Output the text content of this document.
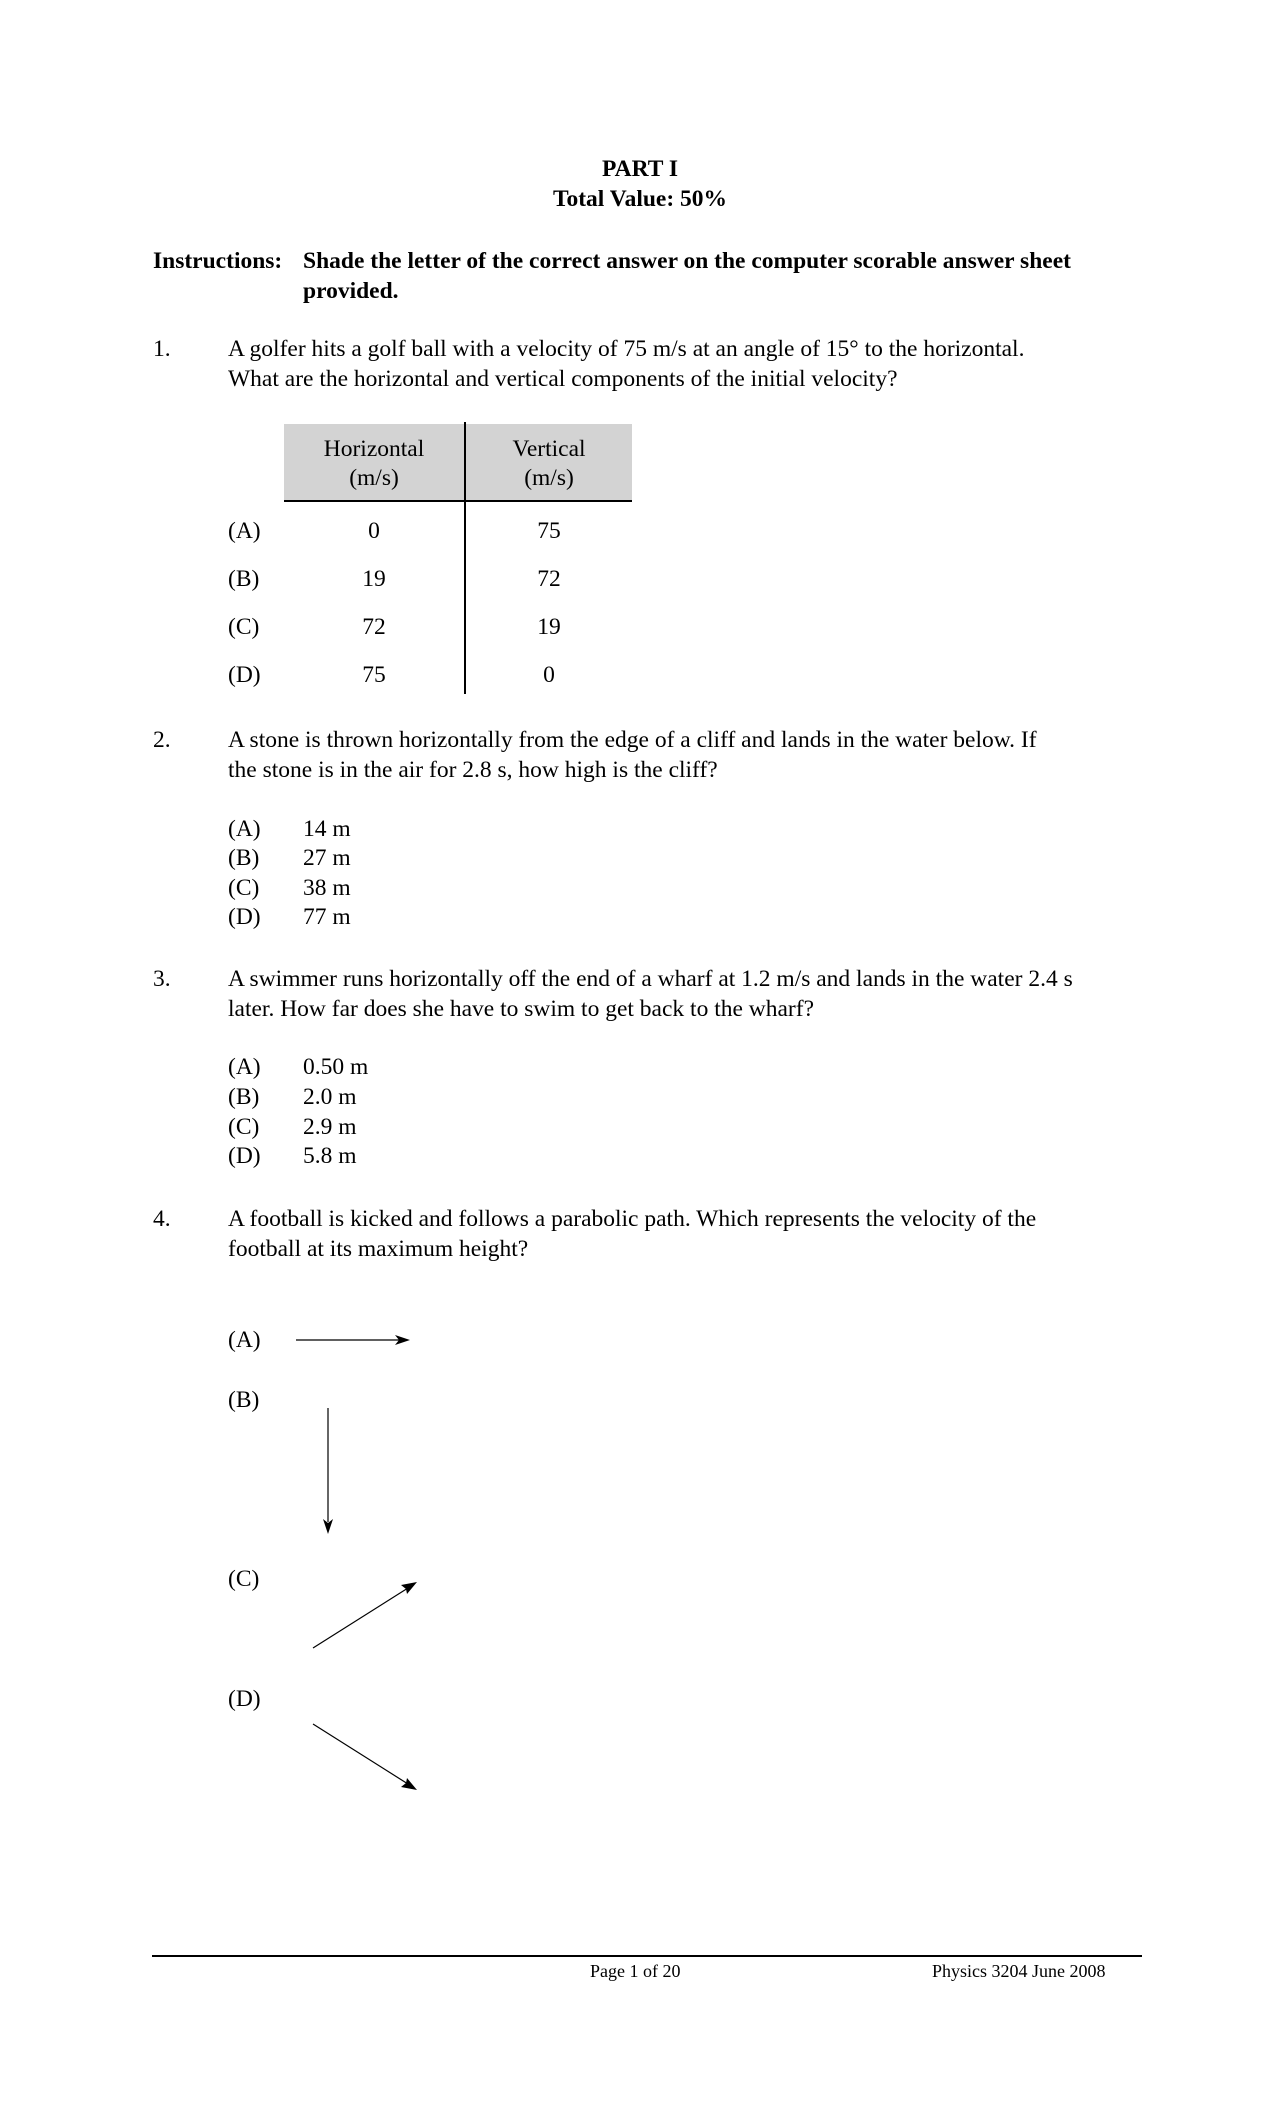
PART I
Total Value: 50%
Instructions: Shade the letter of the correct answer on the computer scorable answer sheet
provided.
1. A golfer hits a golf ball with a velocity of 75 m/s at an angle of 15° to the horizontal.
What are the horizontal and vertical components of the initial velocity?
Horizontal
(m/s)
Vertical
(m/s)
(A)	0	75
(B)	19	72
(C)	72	19
(D)	75	0
2. A stone is thrown horizontally from the edge of a cliff and lands in the water below. If
the stone is in the air for 2.8 s, how high is the cliff?
(A) 14 m
(B) 27 m
(C) 38 m
(D) 77 m
3. A swimmer runs horizontally off the end of a wharf at 1.2 m/s and lands in the water 2.4 s
later. How far does she have to swim to get back to the wharf?
(A) 0.50 m
(B) 2.0 m
(C) 2.9 m
(D) 5.8 m
4. A football is kicked and follows a parabolic path. Which represents the velocity of the
football at its maximum height?
(A)
(B)
(C)
(D)
Page 1 of 20	Physics 3204 June 2008
